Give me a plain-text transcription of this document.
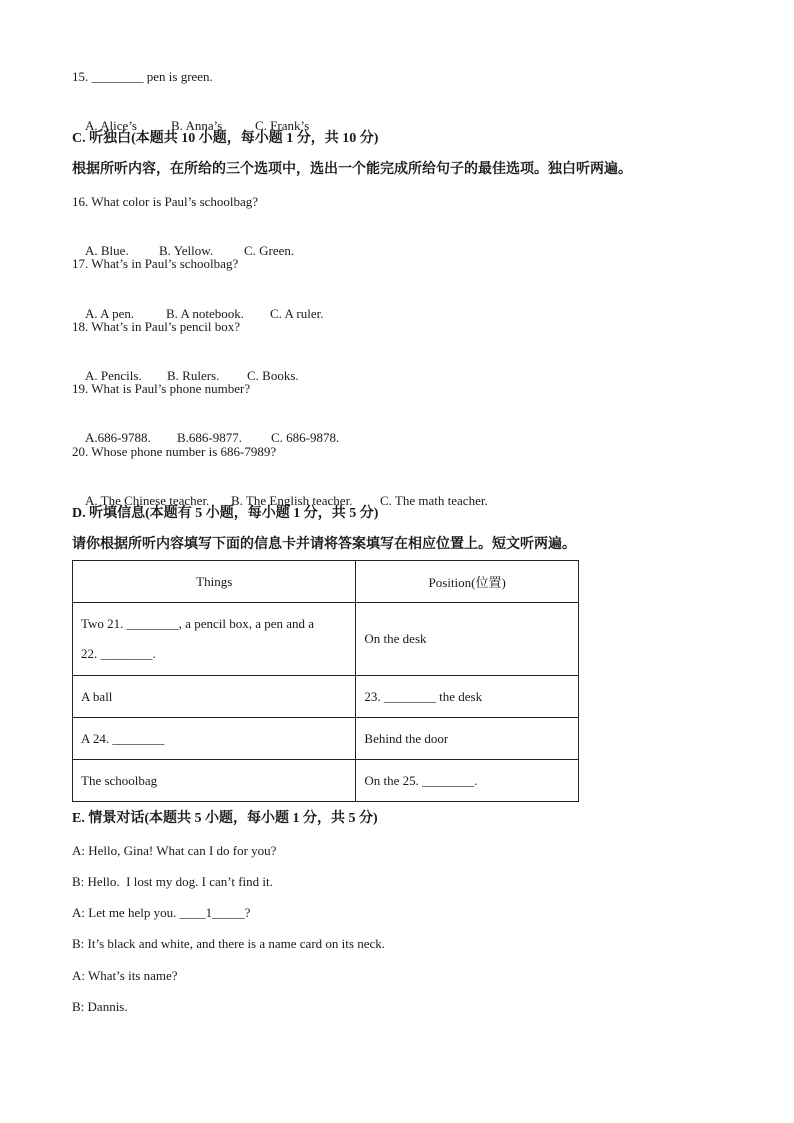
15. ________ pen is green.

A. Alice’s	B. Anna’s	C. Frank’s

C. 听独白(本题共 10 小题，每小题 1 分，共 10 分)
根据所听内容，在所给的三个选项中，选出一个能完成所给句子的最佳选项。独白听两遍。
16. What color is Paul’s schoolbag?

A. Blue. B. Yellow. C. Green.

17. What’s in Paul’s schoolbag?

A. A pen. B. A notebook. C. A ruler.

18. What’s in Paul’s pencil box?

A. Pencils. B. Rulers. C. Books.

19. What is Paul’s phone number?

A.686-9788. B.686-9877. C. 686-9878.

20. Whose phone number is 686-7989?

A. The Chinese teacher. B. The English teacher. C. The math teacher.

D. 听填信息(本题有 5 小题，每小题 1 分，共 5 分)
请你根据所听内容填写下面的信息卡并请将答案填写在相应位置上。短文听两遍。
Things	Position(位置)

Two 21. ________, a pencil box, a pen and a
22. ________.	On the desk
A ball	23. ________ the desk
A 24. ________	Behind the door
The schoolbag	On the 25. ________.
E. 情景对话(本题共 5 小题，每小题 1 分，共 5 分)
A: Hello, Gina! What can I do for you?
B: Hello.  I lost my dog. I can’t find it.
A: Let me help you. ____1_____?
B: It’s black and white, and there is a name card on its neck.
A: What’s its name?
B: Dannis.
